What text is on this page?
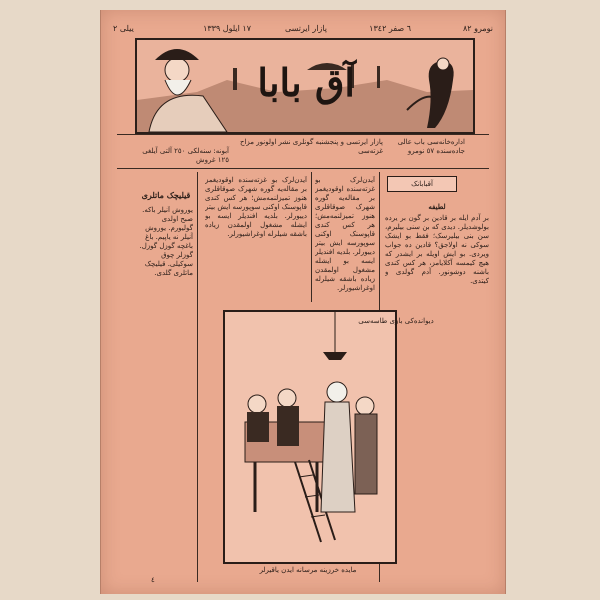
نومرو ٨٢
٦ صفر ١٣٤٢
پازار ایرتسی
١٧ ایلول ١٣٣٩
ییلی ٢
آق بابا
اداره‌خانه‌سی باب عالی جاده‌سنده ٥٧ نومرو
پازار ایرتسی و پنجشنبه گونلری نشر اولونور مزاح غزته‌سی
آبونه: سنه‌لکی ٢٥٠ آلتی آیلغی ١٢٥ غروش
آقبابانک
قیلیچک ماتلری
لطیفه
بر آدم ایله بر قادین بر گون بر یرده بولوشدیلر. دیدی که بن سنی بیلیرم، سن بنی بیلیرسک؛ فقط بو ایشک سوکی نه اولاجق؟ قادین ده جواب ویردی. بو ایش اویله بر ایشدر که هیچ کیمسه آکلایامز، هر کس کندی باشنه دوشونور. آدم گولدی و کیتدی.
آیدن‌لرک بو غزته‌سنده اوقودیغمز بر مقاله‌یه گوره شهرک صوقاقلری هنوز تمیزلنمه‌مش؛ هر کس کندی قاپوسنک اوکنی سوپورسه ایش بیتر دییورلر. بلدیه افندیلر ایسه بو ایشله مشغول اولمقدن زیاده باشقه شیلرله اوغراشیورلر.
آیدن‌لرک بو غزته‌سنده اوقودیغمز بر مقاله‌یه گوره شهرک صوقاقلری هنوز تمیزلنمه‌مش؛ هر کس کندی قاپوسنک اوکنی سوپورسه ایش بیتر دییورلر. بلدیه افندیلر ایسه بو ایشله مشغول اولمقدن زیاده باشقه شیلرله اوغراشیورلر.
یوروش آنیلر باکه. صبح اولدی گولیورم. یوروش آنیلر نه یاپیم. باغ باغچه گوزل گوزل. گوزلر چوق سوکیلی. قیلیچک ماتلری گلدی.
دیوانده‌کی بازی طاسه‌سی
مایده خرزینه مرسانه ایدن یاقیرلر
٤
